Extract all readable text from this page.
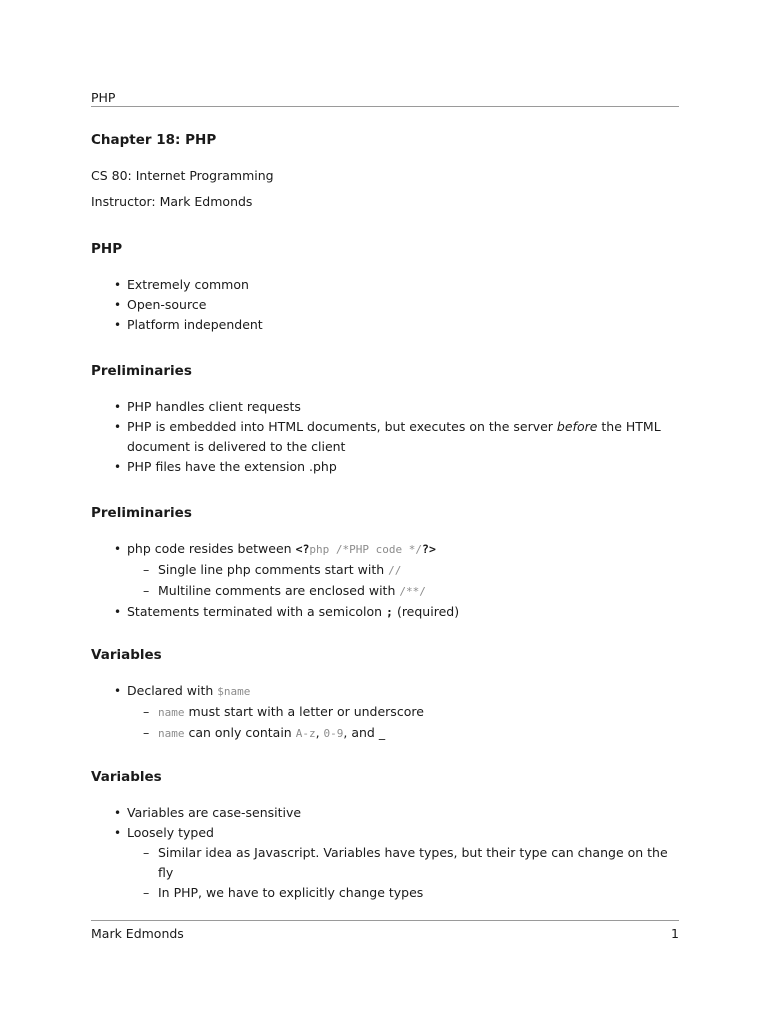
PHP
Chapter 18: PHP

CS 80: Internet Programming

Instructor: Mark Edmonds

PHP
• Extremely common
• Open-source
• Platform independent
Preliminaries
• PHP handles client requests
• PHP is embedded into HTML documents, but executes on the server before the HTML document is delivered to the client
• PHP files have the extension .php
Preliminaries
• php code resides between <?php /*PHP code */?>
– Single line php comments start with //
– Multiline comments are enclosed with /**/
• Statements terminated with a semicolon ; (required)
Variables
• Declared with $name
– name must start with a letter or underscore
– name can only contain A-z, 0-9, and _
Variables
• Variables are case-sensitive
• Loosely typed
– Similar idea as Javascript. Variables have types, but their type can change on the fly
– In PHP, we have to explicitly change types
Mark Edmonds	1
